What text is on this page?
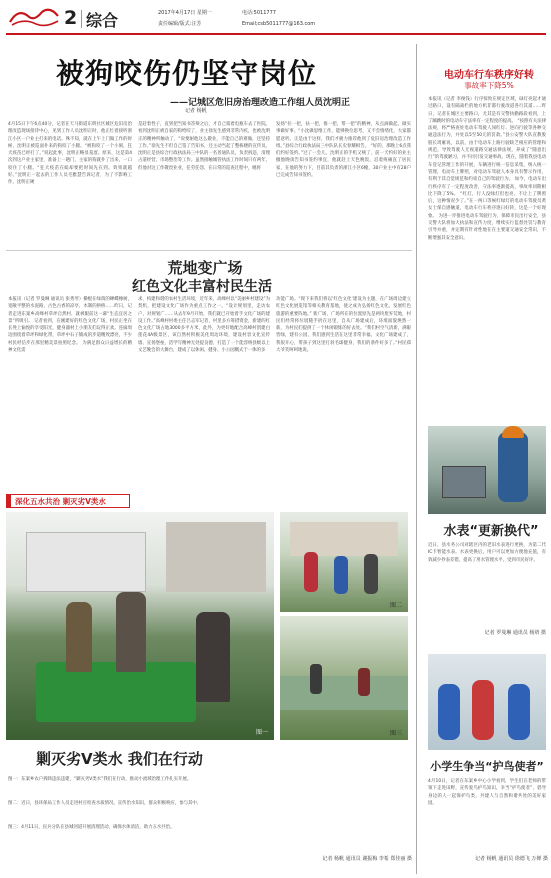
2 综合	2017年4月17日 星期一
责任编辑/版式:汪芳
电话:5011777
Email;csb5011777@163.com
被狗咬伤仍坚守岗位
——记城区危旧房治理改造工作组人员沈明正
记者 杨帆
4月15日下午6点40分，记者在天马街道东明社区城区危旧房治理改造现场接待中心，见到工作人员沈明正时，他正忙着接听浙江小区一户业主打来的电话。殊不知，就在上午上门做工作的时候，沈明正被巡面扑来的狗咬了小腿。“被狗咬了一个小洞，狂犬疫苗已经打了。”说起此事，沈明正略显羞涩。原来，这是第4次到这户业主家里，准备上一趟门，主家的狗就扑了出来，一口咬住了小腿。“狂犬疫苗在縂却要把时间先在到。效果就越好。”沈明正一起去的工作人员毛雅慧告诉记者，为了不影响工作，沈明正硬
是赶着性子，直到把当知书答辩之后，才自己骑着电瓶车去了医院。 看到沈明正被自家的狗给咬了，业主徐先生感到非常内疚，也被沈明正的精神所触动了，“说要耐他这么敬业，不能自己的难做，还坚持工作。”徐先生不但自己签了告知书，还主动当起了整栋楼的宣传员。 沈明正是县综合行政执法局三中队的一名普通队员，负责拆违，清理占道经营，市场整治等工作。虽然接触城管执法工作时间只有两年，但他对这工作敬畏业业，任劳任怨，在日常的巡查过程中，她将
发扬“拉一把，扶一把，推一把，帮一把”的精神，从点滴做起，做实事做好事。“小沈做思维工作，能够换位思考，又不会情绪化，大家都愿意听。正是由于这样，我们才极力推荐他到了危旧房治理改造工作组。”县综合行政执法局三中队队长史春耀相告。 “好的，那晚上6点我们约好签约。”过了一会儿，沈明正的手机又响了，前一天约好的业主撤他晚谈告知书签约事宜，他就赶上天色晚饭，忍着疼痛直了居民家，在他的努力下，目前其负责的浙江小区6幢，30户业主中有28户已完成告知书签约。
电动车行车秩序好转
事故率下降5%
本报讯（记者 李俊钱）行序惊致在规定区域，碌灯亮起才通过路口，设有隔离栏的地方机非都行驶改道各行其道……昨日，记者在城区主要路口，尤其是有交警执勤路段看到，上了蹦跳时的电动车守法率有一定程度的提高。 “按照有关法律法规，将严格查处电动车驾驶人闯红灯、逆向行驶等各种交通违法行为，并处以5至50元的罚款。”县公安警大队宣教股股长周雁说，以前，由于电动车上路行驶缺乏相应的管理和规范，导致驾驶人无视道路交通法律法规，养成了“随意出行”的驾驶陋习，并不同引发交通事故。现在，随着我县电动车登记管理工作的开展，车辆进行统一信息采集，纳入统一管理，电动车上牌照，对电动车驾驶人本身具有警示作用，有利于其自觉规范和约束自己的驾驶行为。 如今，电动车出行秩序有了一定程度改善，守法率逐渐提高，事故率同期相比下降了5%。 “红灯，行人没绿灯但也亮，不让上了牌照后，这种情况少了。”在一两口等候红绿灯的电动车驾驶员黄女士保自感触道，电动车行车秩序逐日好转，这是一个好现象。 为进一步推进电动车驾驶行为，保障市民出行安全，县交警大队将加大执法和宣传力度，继续实行监督处罚与教育引导并重，并定期有针对性地在在主要道交通安全常识，不断增强其安全意识。
荒地变广场
红色文化丰富村民生活
本报讯（记者 罗曼琳 通讯员 张秀琴）操棍在绿荫的蝉蝶橡树，宽敞平整的水泥路，古色古香的凉亭，木制的拱桥……昨日，记者走进东案乡高峰村草坪自然村，就被眼前这一幕“生态宜居之景”所吸引。 记者看到，在刚建好的红色文化广场，村民正坐在长凳上愉悦的享受阳光，健身器材上小朋友们玩得正欢。连廊周边围绕着草坪和绿化带，草坪中石子铺成的步道精致漂亮，不少村民经信步在那里精美景拍照纪念。 为满足群众日益增长的精神文化需
求，构建和谐的农村生活环境，近年来，高峰村以“美丽乡村建设”为契机，把建设文化广场作为重点工作之一。“设计规划里，走访农户，对规划广……从去年9月开始，我们就已开始着手文化广场的建设工作。”高峰村村委主任吕志军记者，村里多方筹措资金，新建的红色文化广场占地3000多平方米，此外，为更好地配合高峰村创建白莲花4A级景区，该自然村积极美化周边环境，建设村容文化宣传墙、宣扬堡垒，活学写精神无处提良德，打造了一个能容纳县级以上文艺晚会的大舞台，建成了以休闲、健身、小公园概式于一体的多
功能广场。“现下来我们将以‘红色文化’建设为主题，在广场周边建立红色文化展览馆等相关教育基地，使之成为弘扬红色文化、发展红色旅游的重要阵地。” 新广场，广场所在的位置原先是两块废弃荒地，村民们经常将垃圾随手扔在这里，自从广场建成后，环境面貌焕然一新，为村民们提供了一个休闲锻炼的好去处。“我们村空气清新，满眼皆绿，建有公园，我们感到生活在这里非常幸福。文化广场建成了，我很开心，带孩子到这里打羽毛球健身，我们的条件好多了。”村民郑大爷笑呵呵地说。
深化五水共治 剿灭劣V类水
图一
图二
图三
剿灭劣V类水 我们在行动
图一：东案乡农户拆除违法违建，“剿灭劣V类水”我们在行动，推动小流域治理工作扎实开展。
图二：近日，县环保局工作人员走进村庄检查水质情况，宣传治水知识，群众积极响应，参与其中。
图三：4月11日，民兵分队在县城河道开展清理活动，确保水体清洁，助力五水共治。
记者 杨帆 通讯员 谢振梅 李希 郑佳丽 摄
水表“更新换代”
近日，县水务公司对辖区内的老旧水表进行更换，为第二代IC卡智能水表。水表更换后，用户可以更加方便地充值，有效减少抄表差错，提高了用水管理水平，受到市民好评。
记者 罗曼琳 通讯员 杨靖 摄
小学生争当“护鸟使者”
4月10日，记者在东案乡中心小学看到，学生们在老师的带领下走进田野，宣传爱鸟护鸟知识，争当“护鸟使者”，倡导身边的人一起保护鸟类，共建人与自然和谐共处的美好家园。
记者 杨帆 通讯员 徐德飞 万婵 摄
